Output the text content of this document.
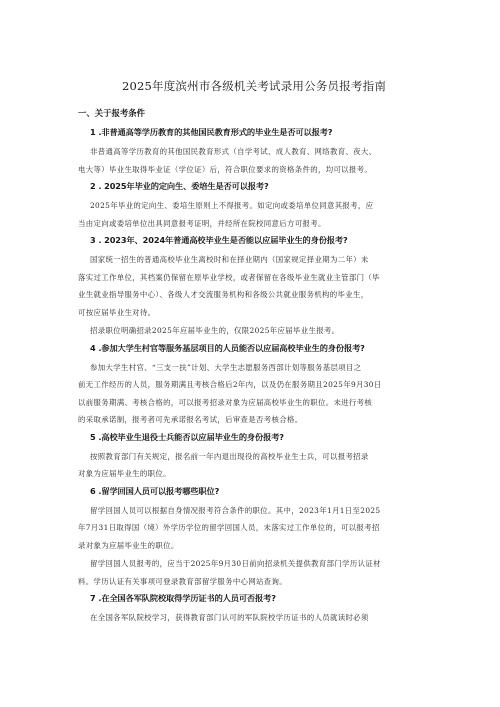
2025年度滨州市各级机关考试录用公务员报考指南
一、关于报考条件
1 .非普通高等学历教育的其他国民教育形式的毕业生是否可以报考?
非普通高等学历教育的其他国民教育形式（自学考试、成人教育、网络教育、夜大、
电大等）毕业生取得毕业证（学位证）后，符合职位要求的资格条件的，均可以报考。
2 . 2025年毕业的定向生、委培生是否可以报考?
2025年毕业的定向生、委培生原则上不得报考。如定向或委培单位同意其报考，应
当由定向或委培单位出具同意报考证明，并经所在院校同意后方可报考。
3 . 2023年、2024年普通高校毕业生是否能以应届毕业生的身份报考?
国家统一招生的普通高校毕业生离校时和在择业期内（国家规定择业期为二年）未
落实过工作单位，其档案仍保留在原毕业学校，或者保留在各级毕业生就业主管部门（毕
业生就业指导服务中心）、各级人才交流服务机构和各级公共就业服务机构的毕业生，
可按应届毕业生对待。
招录职位明确招录2025年应届毕业生的，仅限2025年应届毕业生报考。
4 .参加大学生村官等服务基层项目的人员能否以应届高校毕业生的身份报考?
参加大学生村官、“三支一扶”计划、大学生志愿服务西部计划等服务基层项目之
前无工作经历的人员，服务期满且考核合格后2年内，以及仍在服务期且2025年9月30日
以前服务期满、考核合格的，可以报考招录对象为应届高校毕业生的职位。未进行考核
的采取承诺制，报考者可先承诺报名考试，后审查是否考核合格。
5 .高校毕业生退役士兵能否以应届毕业生的身份报考?
按照教育部门有关规定，报名前一年内退出现役的高校毕业生士兵，可以报考招录
对象为应届毕业生的职位。
6 .留学回国人员可以报考哪些职位?
留学回国人员可以根据自身情况报考符合条件的职位。其中，2023年1月1日至2025
年7月31日取得国（境）外学历学位的留学回国人员，未落实过工作单位的，可以报考招
录对象为应届毕业生的职位。
留学回国人员报考的，应当于2025年9月30日前向招录机关提供教育部门学历认证材
料。学历认证有关事项可登录教育部留学服务中心网站查询。
7 .在全国各军队院校取得学历证书的人员可否报考?
在全国各军队院校学习，获得教育部门认可的军队院校学历证书的人员就读时必须
